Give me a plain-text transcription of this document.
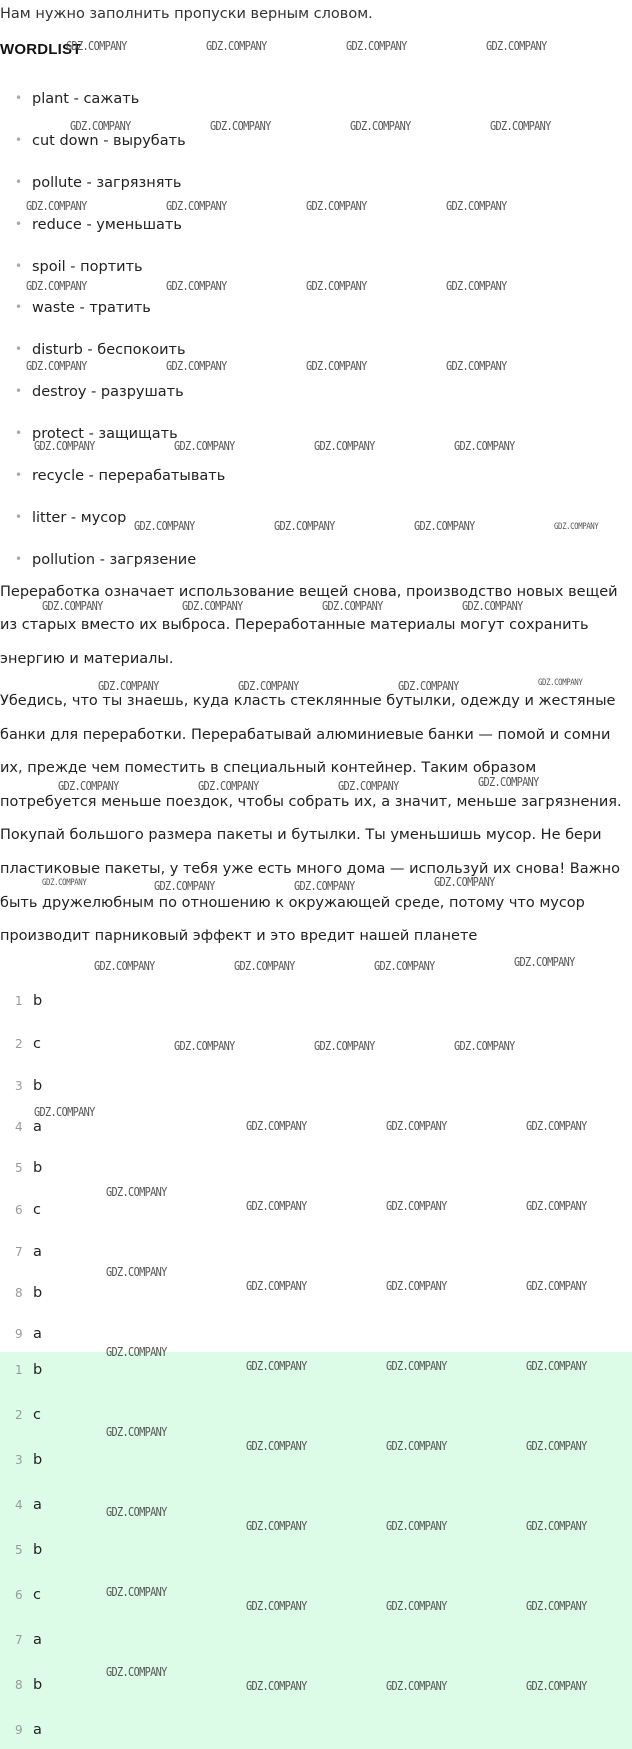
Нам нужно заполнить пропуски верным словом.
WORDLIST
• plant - сажать
• cut down - вырубать
• pollute - загрязнять
• reduce - уменьшать
• spoil - портить
• waste - тратить
• disturb - беспокоить
• destroy - разрушать
• protect - защищать
• recycle - перерабатывать
• litter - мусор
• pollution - загрязение
Переработка означает использование вещей снова, производство новых вещей из старых вместо их выброса. Переработанные материалы могут сохранить энергию и материалы.
Убедись, что ты знаешь, куда класть стеклянные бутылки, одежду и жестяные банки для переработки. Перерабатывай алюминиевые банки — помой и сомни их, прежде чем поместить в специальный контейнер. Таким образом потребуется меньше поездок, чтобы собрать их, а значит, меньше загрязнения. Покупай большого размера пакеты и бутылки. Ты уменьшишь мусор. Не бери пластиковые пакеты, у тебя уже есть много дома — используй их снова! Важно быть дружелюбным по отношению к окружающей среде, потому что мусор производит парниковый эффект и это вредит нашей планете
1 b
2 c
3 b
4 a
5 b
6 c
7 a
8 b
9 a
1 b
2 c
3 b
4 a
5 b
6 c
7 a
8 b
9 a
GDZ.COMPANY	GDZ.COMPANY	GDZ.COMPANY	GDZ.COMPANY
GDZ.COMPANY	GDZ.COMPANY	GDZ.COMPANY	GDZ.COMPANY
GDZ.COMPANY	GDZ.COMPANY	GDZ.COMPANY	GDZ.COMPANY
GDZ.COMPANY	GDZ.COMPANY	GDZ.COMPANY	GDZ.COMPANY
GDZ.COMPANY	GDZ.COMPANY	GDZ.COMPANY	GDZ.COMPANY
GDZ.COMPANY	GDZ.COMPANY	GDZ.COMPANY	GDZ.COMPANY
GDZ.COMPANY	GDZ.COMPANY	GDZ.COMPANY	GDZ.COMPANY
GDZ.COMPANY	GDZ.COMPANY	GDZ.COMPANY	GDZ.COMPANY
GDZ.COMPANY	GDZ.COMPANY	GDZ.COMPANY	GDZ.COMPANY
GDZ.COMPANY	GDZ.COMPANY	GDZ.COMPANY	GDZ.COMPANY
GDZ.COMPANY	GDZ.COMPANY	GDZ.COMPANY	GDZ.COMPANY
GDZ.COMPANY	GDZ.COMPANY	GDZ.COMPANY	GDZ.COMPANY
GDZ.COMPANY	GDZ.COMPANY	GDZ.COMPANY
GDZ.COMPANY
GDZ.COMPANY	GDZ.COMPANY	GDZ.COMPANY
GDZ.COMPANY
GDZ.COMPANY	GDZ.COMPANY	GDZ.COMPANY
GDZ.COMPANY
GDZ.COMPANY	GDZ.COMPANY	GDZ.COMPANY
GDZ.COMPANY
GDZ.COMPANY	GDZ.COMPANY	GDZ.COMPANY
GDZ.COMPANY
GDZ.COMPANY	GDZ.COMPANY	GDZ.COMPANY
GDZ.COMPANY
GDZ.COMPANY	GDZ.COMPANY	GDZ.COMPANY
GDZ.COMPANY
GDZ.COMPANY	GDZ.COMPANY	GDZ.COMPANY
GDZ.COMPANY
GDZ.COMPANY	GDZ.COMPANY	GDZ.COMPANY
